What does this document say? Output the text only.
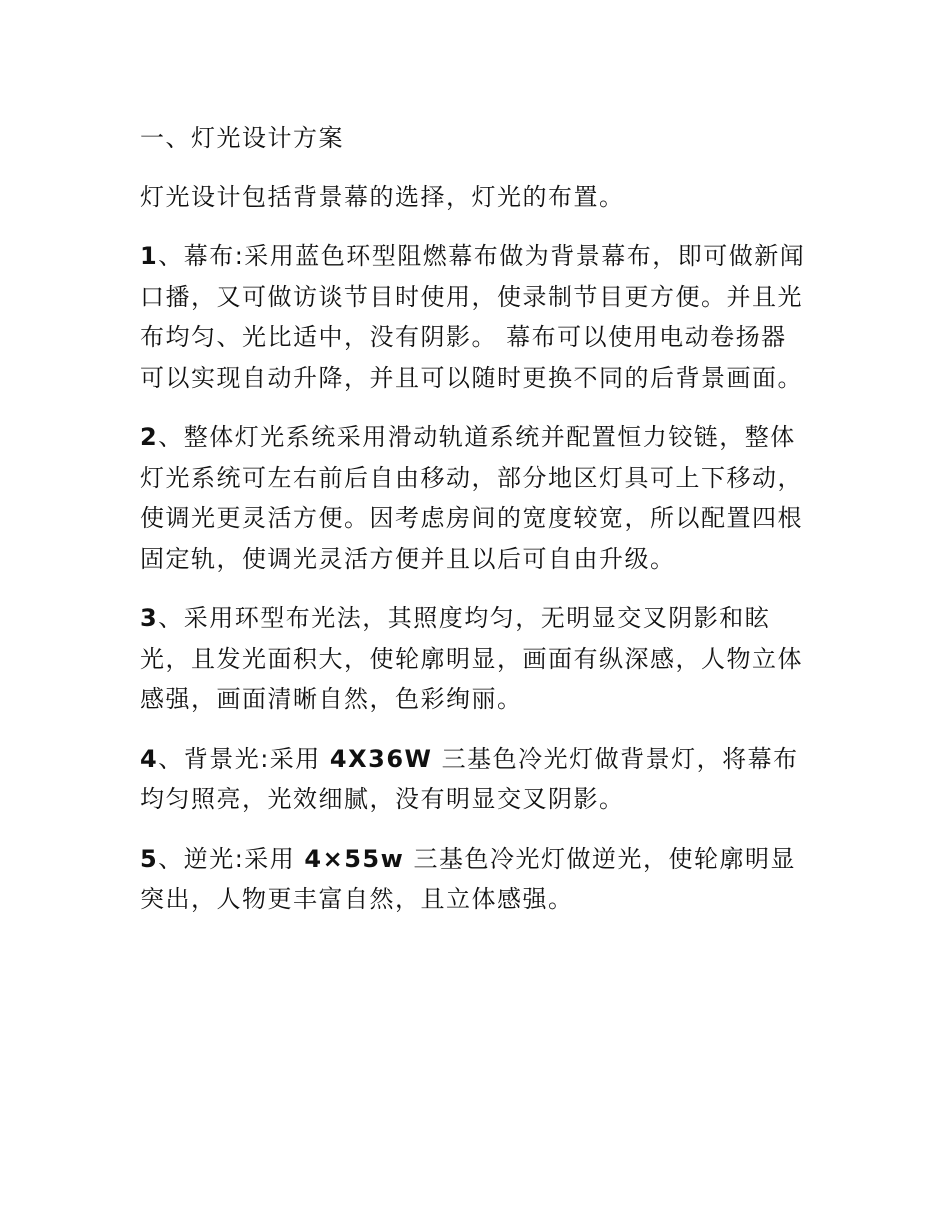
一、灯光设计方案
灯光设计包括背景幕的选择，灯光的布置。
1、幕布:采用蓝色环型阻燃幕布做为背景幕布，即可做新闻口播，又可做访谈节目时使用，使录制节目更方便。并且光布均匀、光比适中，没有阴影。 幕布可以使用电动卷扬器可以实现自动升降，并且可以随时更换不同的后背景画面。
2、整体灯光系统采用滑动轨道系统并配置恒力铰链，整体灯光系统可左右前后自由移动，部分地区灯具可上下移动，使调光更灵活方便。因考虑房间的宽度较宽，所以配置四根固定轨，使调光灵活方便并且以后可自由升级。
3、采用环型布光法，其照度均匀，无明显交叉阴影和眩光，且发光面积大，使轮廓明显，画面有纵深感，人物立体感强，画面清晰自然，色彩绚丽。
4、背景光:采用 4X36W 三基色冷光灯做背景灯，将幕布均匀照亮，光效细腻，没有明显交叉阴影。
5、逆光:采用 4×55w 三基色冷光灯做逆光，使轮廓明显突出，人物更丰富自然，且立体感强。
